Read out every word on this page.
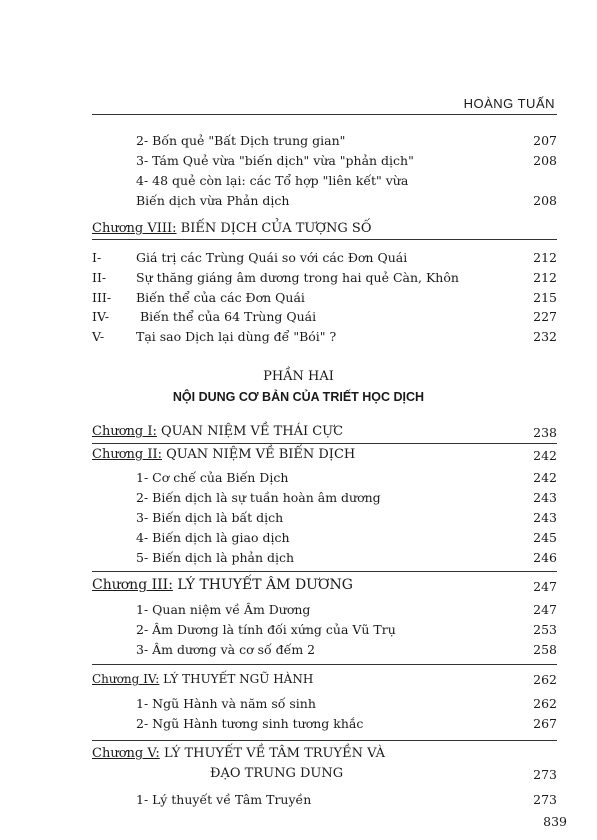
HOÀNG TUẤN
2- Bốn quẻ "Bất Dịch trung gian"	207
3- Tám Quẻ vừa "biến dịch" vừa "phản dịch"	208
4- 48 quẻ còn lại: các Tổ hợp "liên kết" vừa
Biến dịch vừa Phản dịch	208
Chương VIII: BIẾN DỊCH CỦA TƯỢNG SỐ
I-	Giá trị các Trùng Quái so với các Đơn Quái	212
II- Sự thăng giáng âm dương trong hai quẻ Càn, Khôn	212
III- Biến thể của các Đơn Quái	215
IV- Biến thể của 64 Trùng Quái	227
V-	Tại sao Dịch lại dùng để "Bói" ?	232
PHẦN HAI
NỘI DUNG CƠ BẢN CỦA TRIẾT HỌC DỊCH
Chương I: QUAN NIỆM VỀ THÁI CỰC	238
Chương II: QUAN NIỆM VỀ BIẾN DỊCH	242
1- Cơ chế của Biến Dịch	242
2- Biến dịch là sự tuần hoàn âm dương	243
3- Biến dịch là bất dịch	243
4- Biến dịch là giao dịch	245
5- Biến dịch là phản dịch	246
Chương III: LÝ THUYẾT ÂM DƯƠNG	247
1- Quan niệm về Âm Dương	247
2- Âm Dương là tính đối xứng của Vũ Trụ	253
3- Âm dương và cơ số đếm 2	258
Chương IV: LÝ THUYẾT NGŨ HÀNH	262
1- Ngũ Hành và năm số sinh	262
2- Ngũ Hành tương sinh tương khắc	267
Chương V: LÝ THUYẾT VỀ TÂM TRUYỀN VÀ
ĐẠO TRUNG DUNG	273
1- Lý thuyết về Tâm Truyền	273
839
